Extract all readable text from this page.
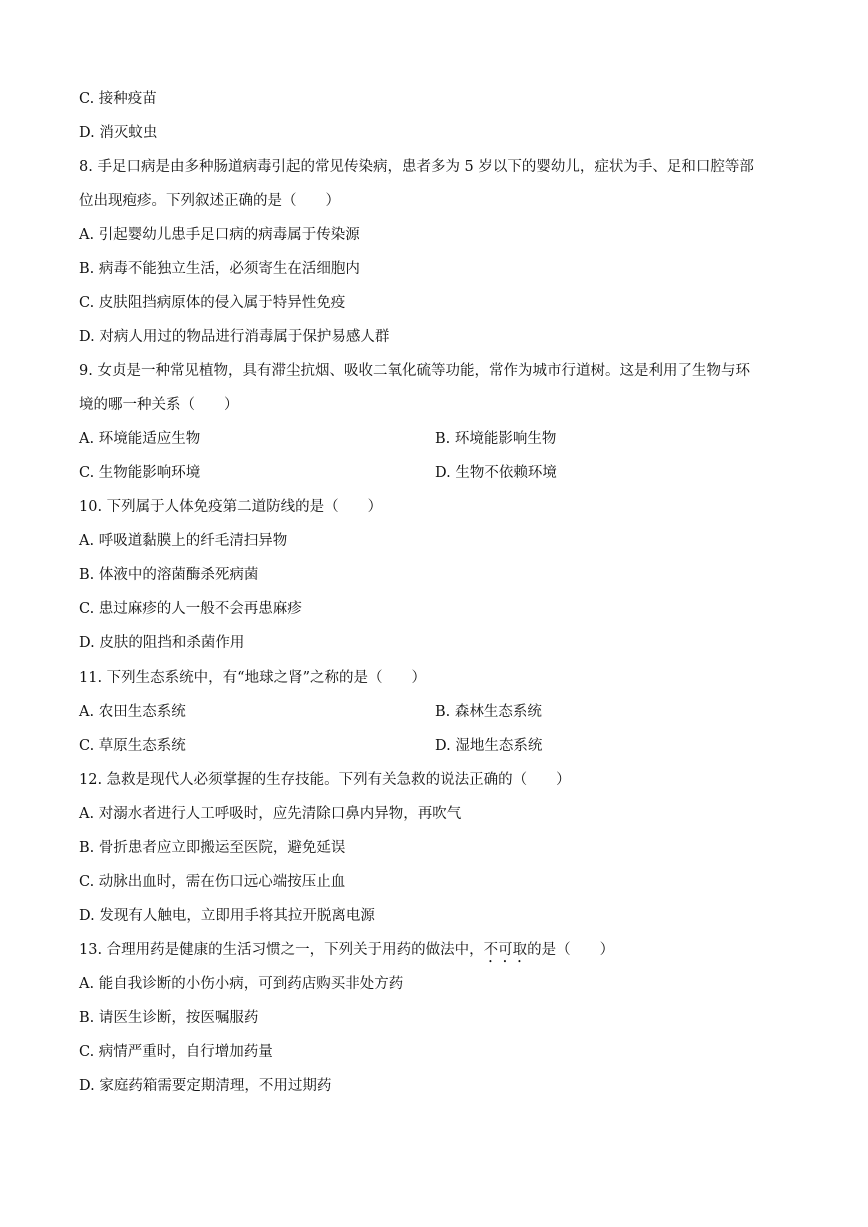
C. 接种疫苗
D. 消灭蚊虫
8. 手足口病是由多种肠道病毒引起的常见传染病，患者多为 5 岁以下的婴幼儿，症状为手、足和口腔等部
位出现疱疹。下列叙述正确的是（　　）
A. 引起婴幼儿患手足口病的病毒属于传染源
B. 病毒不能独立生活，必须寄生在活细胞内
C. 皮肤阻挡病原体的侵入属于特异性免疫
D. 对病人用过的物品进行消毒属于保护易感人群
9. 女贞是一种常见植物，具有滞尘抗烟、吸收二氧化硫等功能，常作为城市行道树。这是利用了生物与环
境的哪一种关系（　　）
A. 环境能适应生物	B. 环境能影响生物
C. 生物能影响环境	D. 生物不依赖环境
10. 下列属于人体免疫第二道防线的是（　　）
A. 呼吸道黏膜上的纤毛清扫异物
B. 体液中的溶菌酶杀死病菌
C. 患过麻疹的人一般不会再患麻疹
D. 皮肤的阻挡和杀菌作用
11. 下列生态系统中，有“地球之肾”之称的是（　　）
A. 农田生态系统	B. 森林生态系统
C. 草原生态系统	D. 湿地生态系统
12. 急救是现代人必须掌握的生存技能。下列有关急救的说法正确的（　　）
A. 对溺水者进行人工呼吸时，应先清除口鼻内异物，再吹气
B. 骨折患者应立即搬运至医院，避免延误
C. 动脉出血时，需在伤口远心端按压止血
D. 发现有人触电，立即用手将其拉开脱离电源
13. 合理用药是健康的生活习惯之一，下列关于用药的做法中，不可取的是（　　）
A. 能自我诊断的小伤小病，可到药店购买非处方药
B. 请医生诊断，按医嘱服药
C. 病情严重时，自行增加药量
D. 家庭药箱需要定期清理，不用过期药
